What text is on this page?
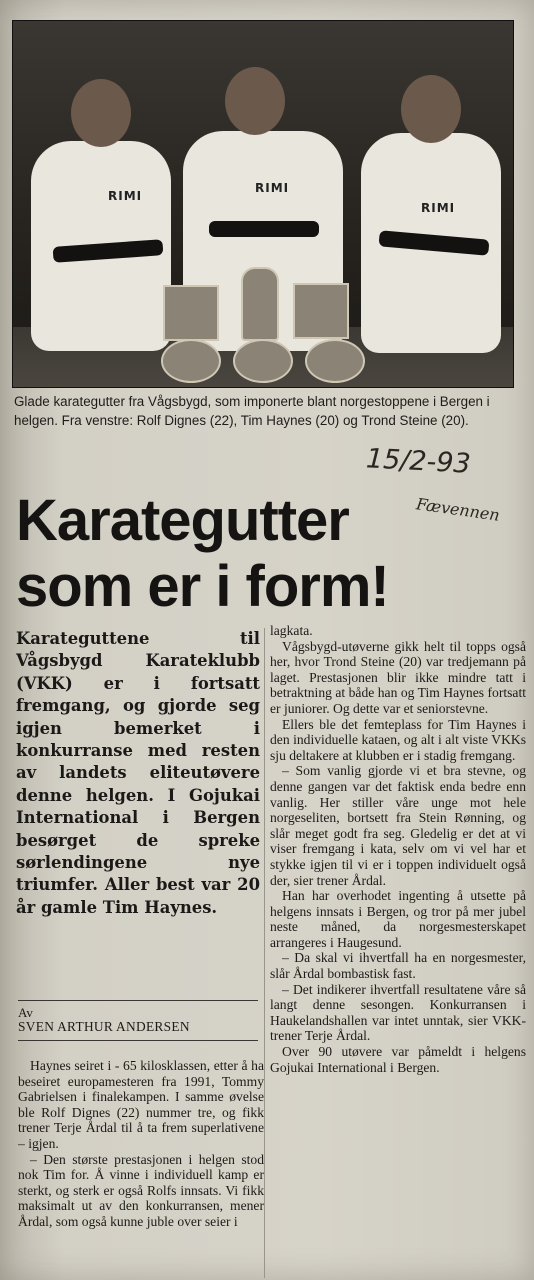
RIMI
RIMI
RIMI
Glade karategutter fra Vågsbygd, som imponerte blant norgestoppene i Bergen i helgen. Fra venstre: Rolf Dignes (22), Tim Haynes (20) og Trond Steine (20).
15/2-93
Fævennen
Karategutter
som er i form!
Karateguttene til Vågsbygd Karateklubb (VKK) er i fortsatt fremgang, og gjorde seg igjen bemerket i konkurranse med resten av landets eliteutøvere denne helgen. I Gojukai International i Bergen besørget de spreke sørlendingene nye triumfer. Aller best var 20 år gamle Tim Haynes.
Av
SVEN ARTHUR ANDERSEN

Haynes seiret i - 65 kilosklassen, etter å ha beseiret europamesteren fra 1991, Tommy Gabrielsen i finalekampen. I samme øvelse ble Rolf Dignes (22) nummer tre, og fikk trener Terje Årdal til å ta frem superlativene – igjen.

– Den største prestasjonen i helgen stod nok Tim for. Å vinne i individuell kamp er sterkt, og sterk er også Rolfs innsats. Vi fikk maksimalt ut av den konkurransen, mener Årdal, som også kunne juble over seier i

lagkata.

Vågsbygd-utøverne gikk helt til topps også her, hvor Trond Steine (20) var tredjemann på laget. Prestasjonen blir ikke mindre tatt i betraktning at både han og Tim Haynes fortsatt er juniorer. Og dette var et seniorstevne.

Ellers ble det femteplass for Tim Haynes i den individuelle kataen, og alt i alt viste VKKs sju deltakere at klubben er i stadig fremgang.

– Som vanlig gjorde vi et bra stevne, og denne gangen var det faktisk enda bedre enn vanlig. Her stiller våre unge mot hele norgeseliten, bortsett fra Stein Rønning, og slår meget godt fra seg. Gledelig er det at vi viser fremgang i kata, selv om vi vel har et stykke igjen til vi er i toppen individuelt også der, sier trener Årdal.

Han har overhodet ingenting å utsette på helgens innsats i Bergen, og tror på mer jubel neste måned, da norgesmesterskapet arrangeres i Haugesund.

– Da skal vi ihvertfall ha en norgesmester, slår Årdal bombastisk fast.

– Det indikerer ihvertfall resultatene våre så langt denne sesongen. Konkurransen i Haukelandshallen var intet unntak, sier VKK-trener Terje Årdal.

Over 90 utøvere var påmeldt i helgens Gojukai International i Bergen.
